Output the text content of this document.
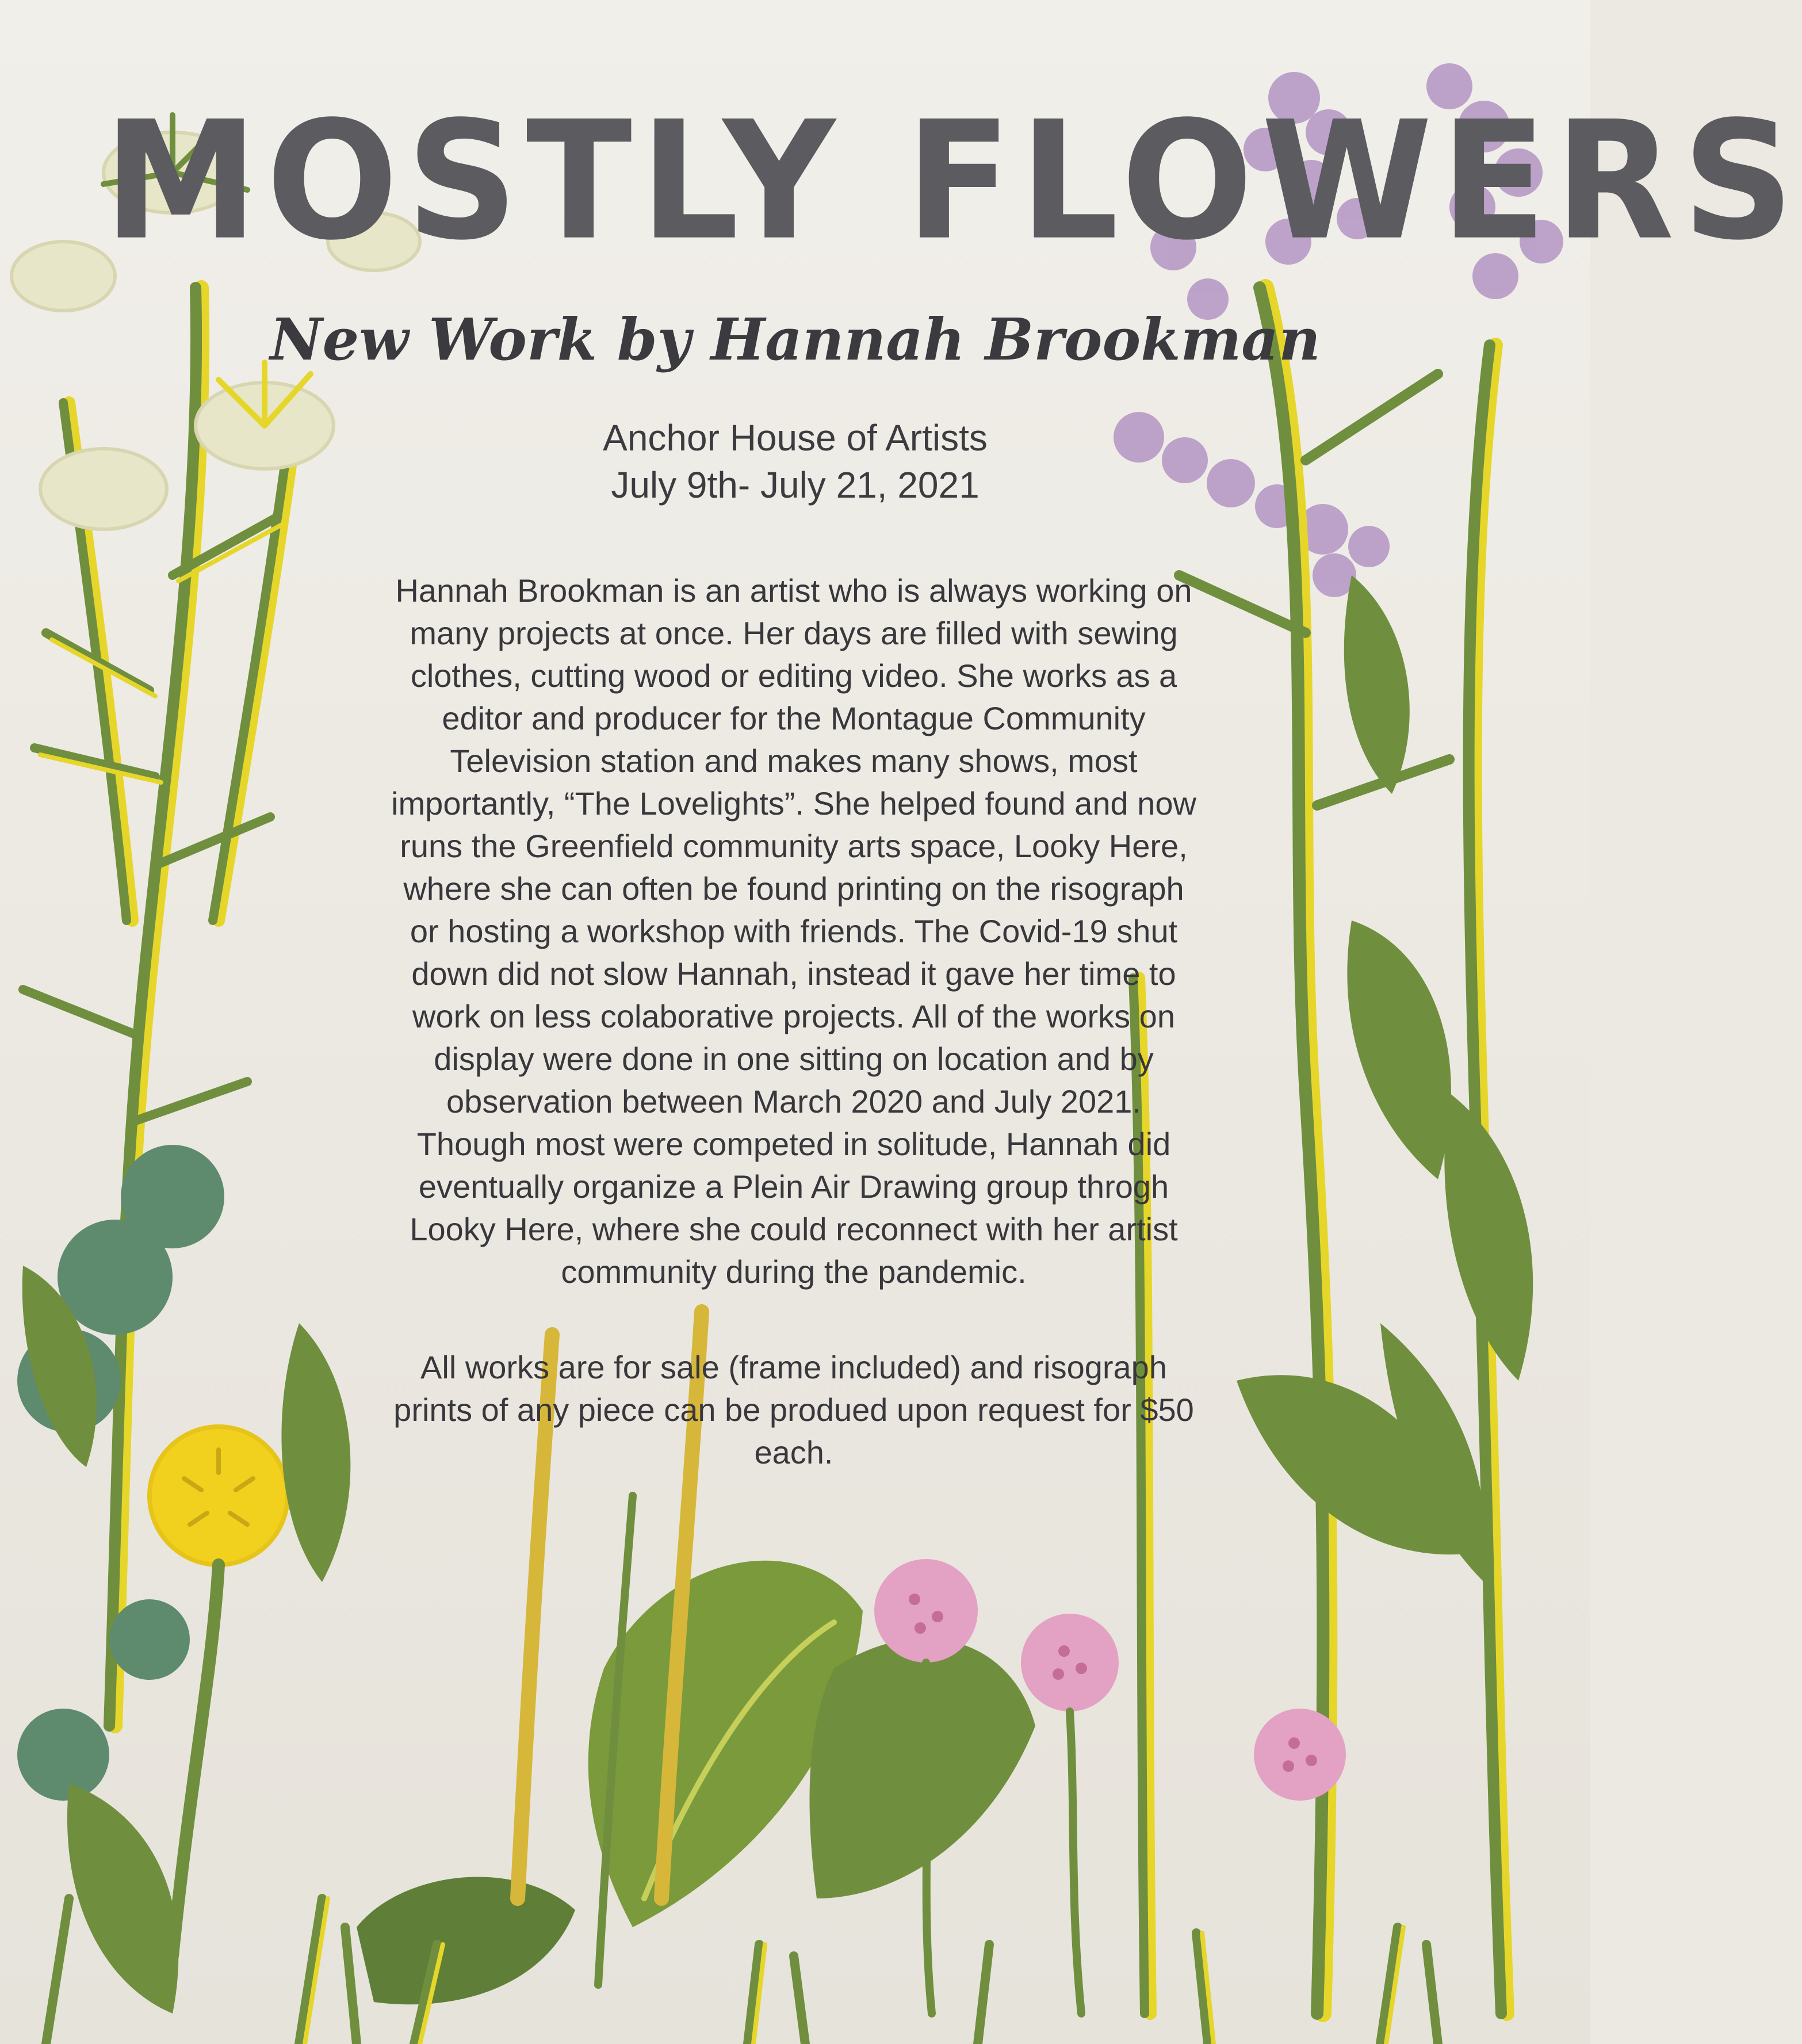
MOSTLY FLOWERS
New Work by Hannah Brookman

Anchor House of Artists

July 9th- July 21, 2021

Hannah Brookman is an artist who is always working on
many projects at once. Her days are filled with sewing
clothes, cutting wood or editing video. She works as a
editor and producer for the Montague Community
Television station and makes many shows, most
importantly, “The Lovelights”. She helped found and now
runs the Greenfield community arts space, Looky Here,
where she can often be found printing on the risograph
or hosting a workshop with friends. The Covid-19 shut
down did not slow Hannah, instead it gave her time to
work on less colaborative projects. All of the works on
display were done in one sitting on location and by
observation between March 2020 and July 2021.
Though most were competed in solitude, Hannah did
eventually organize a Plein Air Drawing group throgh
Looky Here, where she could reconnect with her artist
community during the pandemic.
All works are for sale (frame included) and risograph
prints of any piece can be produed upon request for $50
each.
